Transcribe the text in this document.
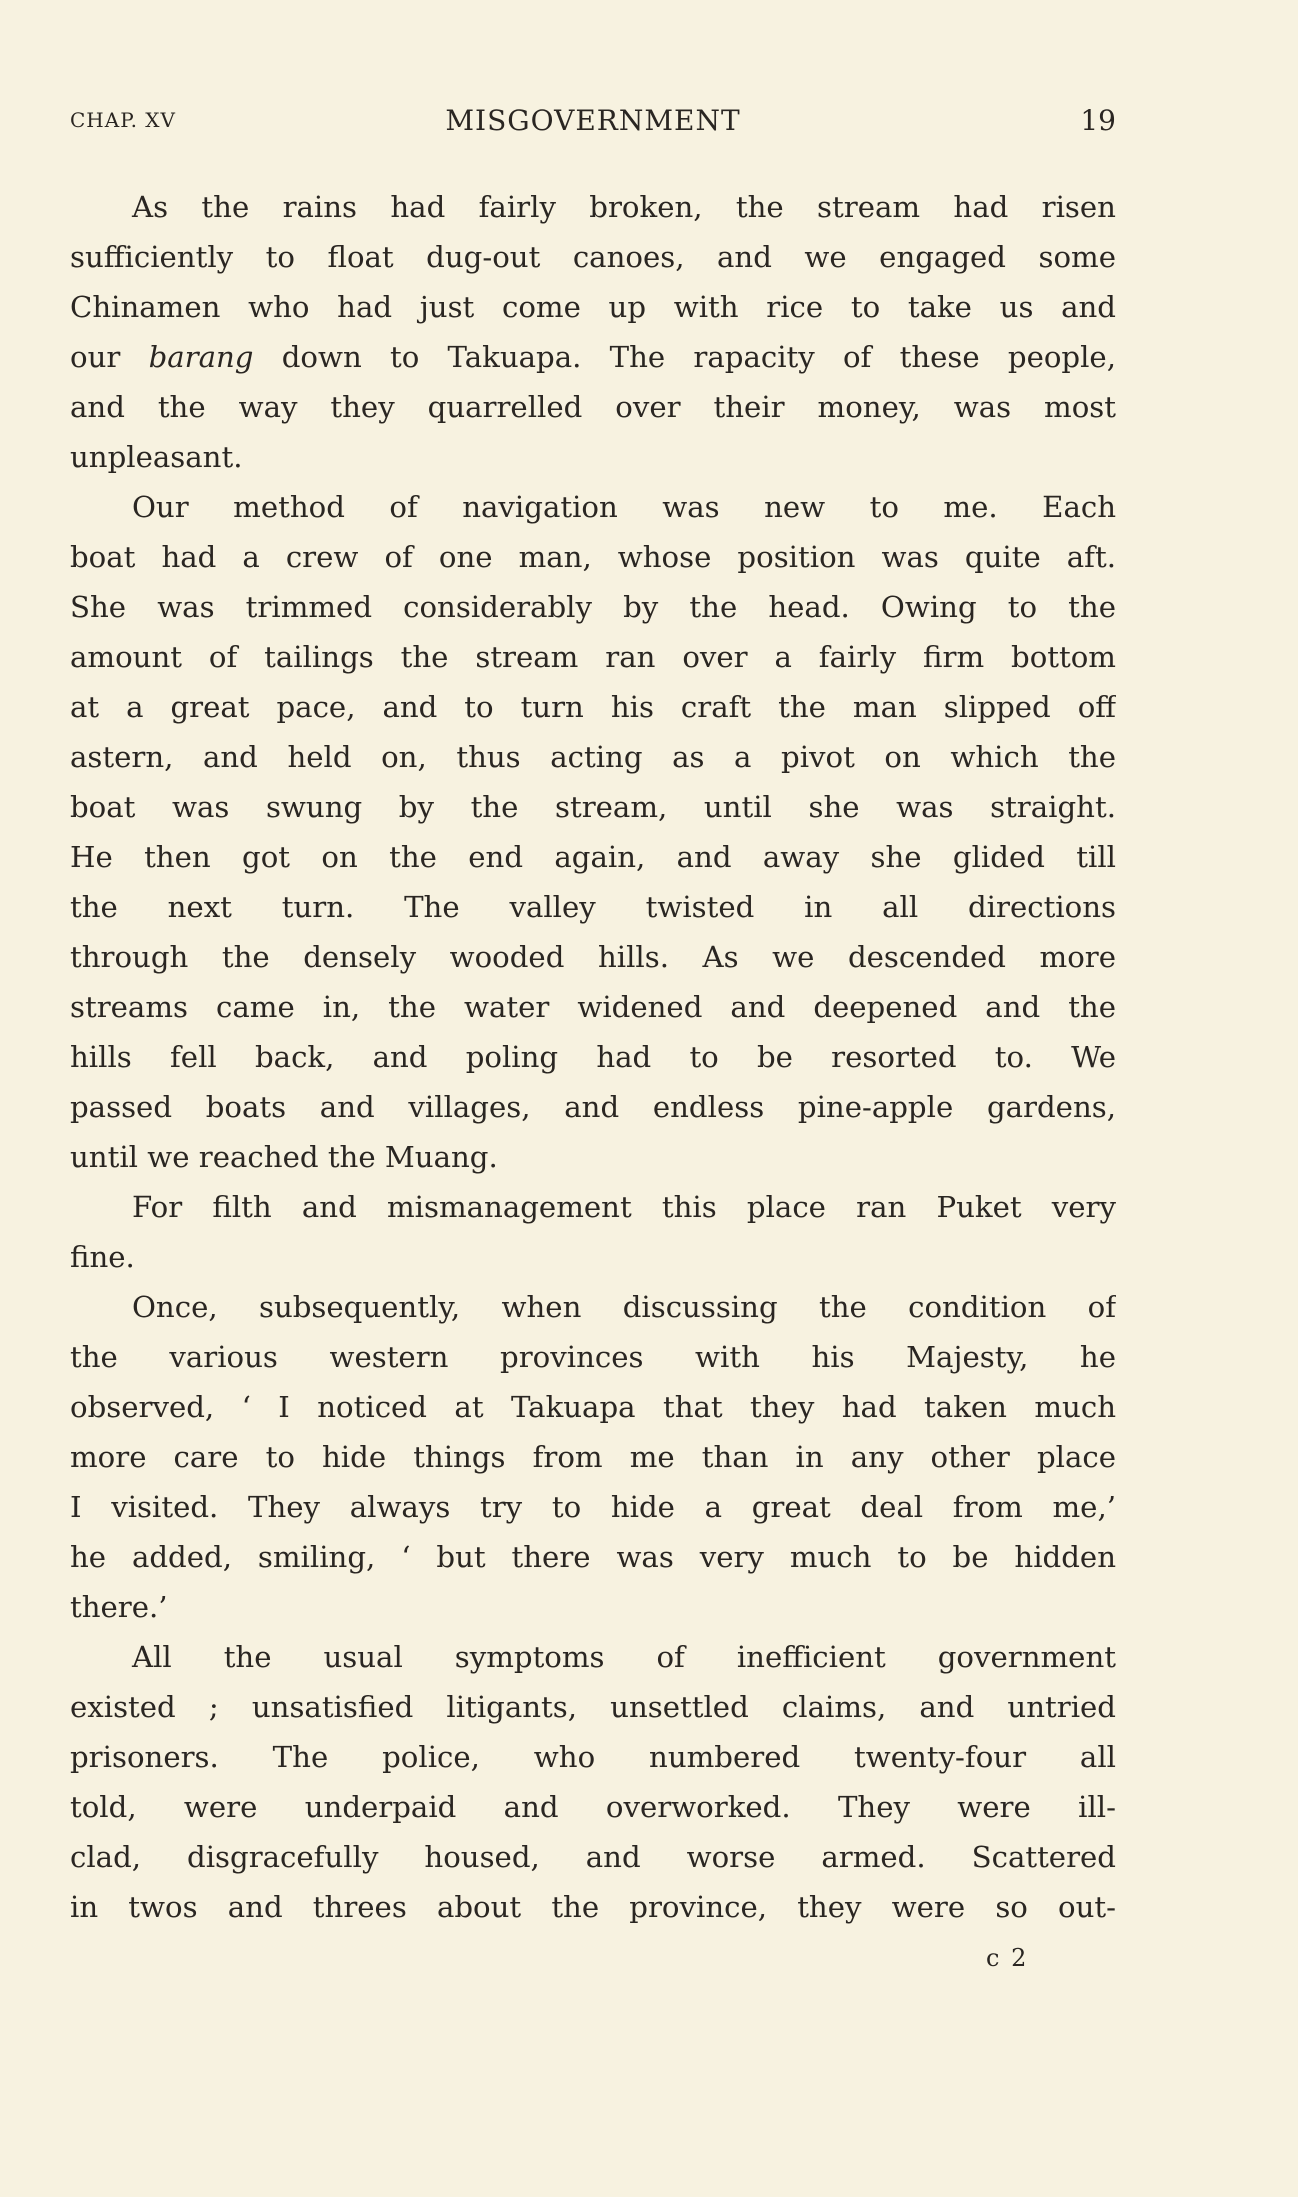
CHAP. XV	MISGOVERNMENT	19
As the rains had fairly broken, the stream had risen
sufficiently to float dug-out canoes, and we engaged some
Chinamen who had just come up with rice to take us and
our barang down to Takuapa. The rapacity of these people,
and the way they quarrelled over their money, was most
unpleasant.
Our method of navigation was new to me. Each
boat had a crew of one man, whose position was quite aft.
She was trimmed considerably by the head. Owing to the
amount of tailings the stream ran over a fairly firm bottom
at a great pace, and to turn his craft the man slipped off
astern, and held on, thus acting as a pivot on which the
boat was swung by the stream, until she was straight.
He then got on the end again, and away she glided till
the next turn. The valley twisted in all directions
through the densely wooded hills. As we descended more
streams came in, the water widened and deepened and the
hills fell back, and poling had to be resorted to. We
passed boats and villages, and endless pine-apple gardens,
until we reached the Muang.
For filth and mismanagement this place ran Puket very
fine.
Once, subsequently, when discussing the condition of
the various western provinces with his Majesty, he
observed, ‘ I noticed at Takuapa that they had taken much
more care to hide things from me than in any other place
I visited. They always try to hide a great deal from me,’
he added, smiling, ‘ but there was very much to be hidden
there.’
All the usual symptoms of inefficient government
existed ; unsatisfied litigants, unsettled claims, and untried
prisoners. The police, who numbered twenty-four all
told, were underpaid and overworked. They were ill-
clad, disgracefully housed, and worse armed. Scattered
in twos and threes about the province, they were so out-
c 2
